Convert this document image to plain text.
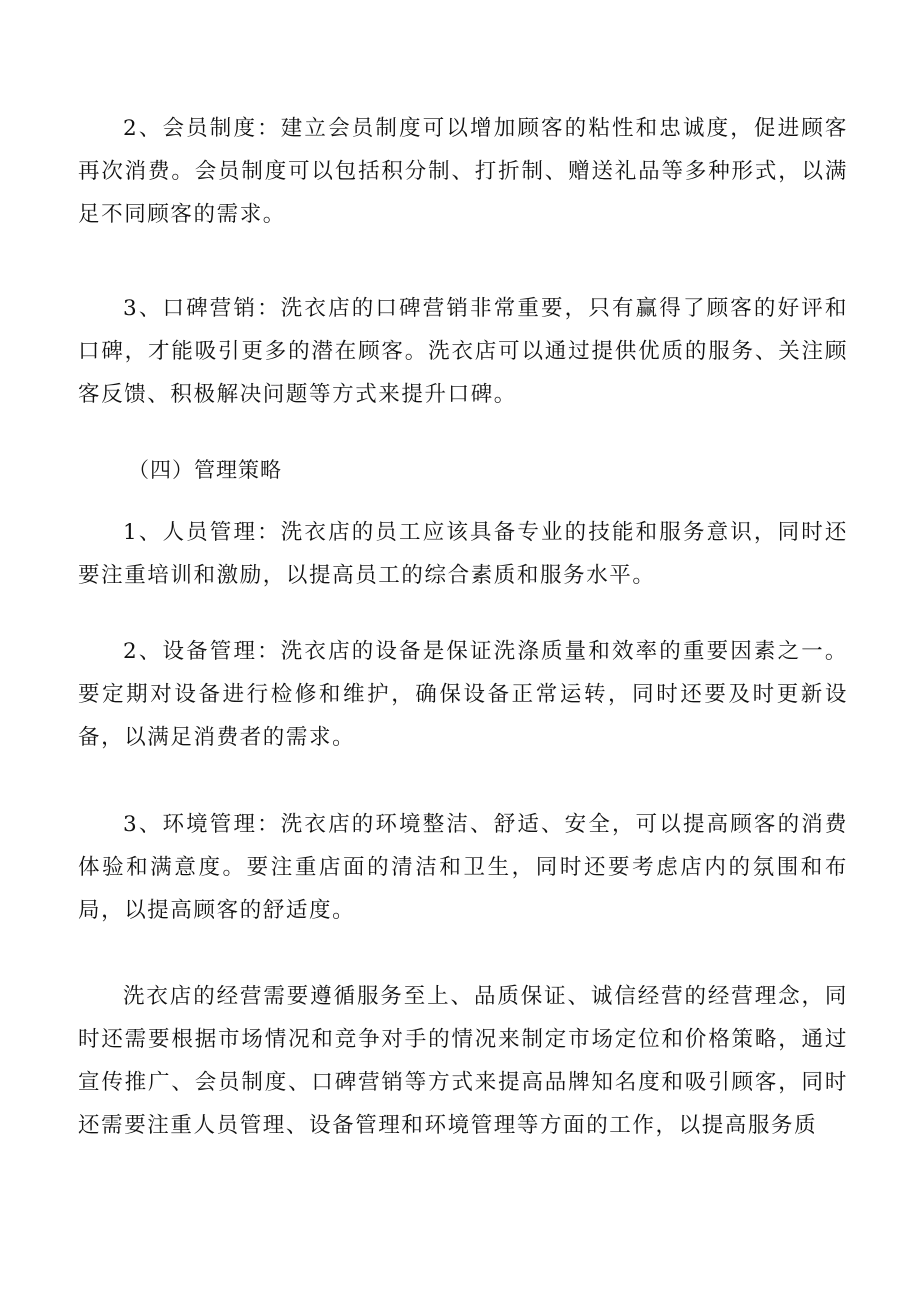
2、会员制度：建立会员制度可以增加顾客的粘性和忠诚度，促进顾客再次消费。会员制度可以包括积分制、打折制、赠送礼品等多种形式，以满足不同顾客的需求。

3、口碑营销：洗衣店的口碑营销非常重要，只有赢得了顾客的好评和口碑，才能吸引更多的潜在顾客。洗衣店可以通过提供优质的服务、关注顾客反馈、积极解决问题等方式来提升口碑。

（四）管理策略

1、人员管理：洗衣店的员工应该具备专业的技能和服务意识，同时还要注重培训和激励，以提高员工的综合素质和服务水平。

2、设备管理：洗衣店的设备是保证洗涤质量和效率的重要因素之一。要定期对设备进行检修和维护，确保设备正常运转，同时还要及时更新设备，以满足消费者的需求。

3、环境管理：洗衣店的环境整洁、舒适、安全，可以提高顾客的消费体验和满意度。要注重店面的清洁和卫生，同时还要考虑店内的氛围和布局，以提高顾客的舒适度。

洗衣店的经营需要遵循服务至上、品质保证、诚信经营的经营理念，同时还需要根据市场情况和竞争对手的情况来制定市场定位和价格策略，通过宣传推广、会员制度、口碑营销等方式来提高品牌知名度和吸引顾客，同时还需要注重人员管理、设备管理和环境管理等方面的工作，以提高服务质
